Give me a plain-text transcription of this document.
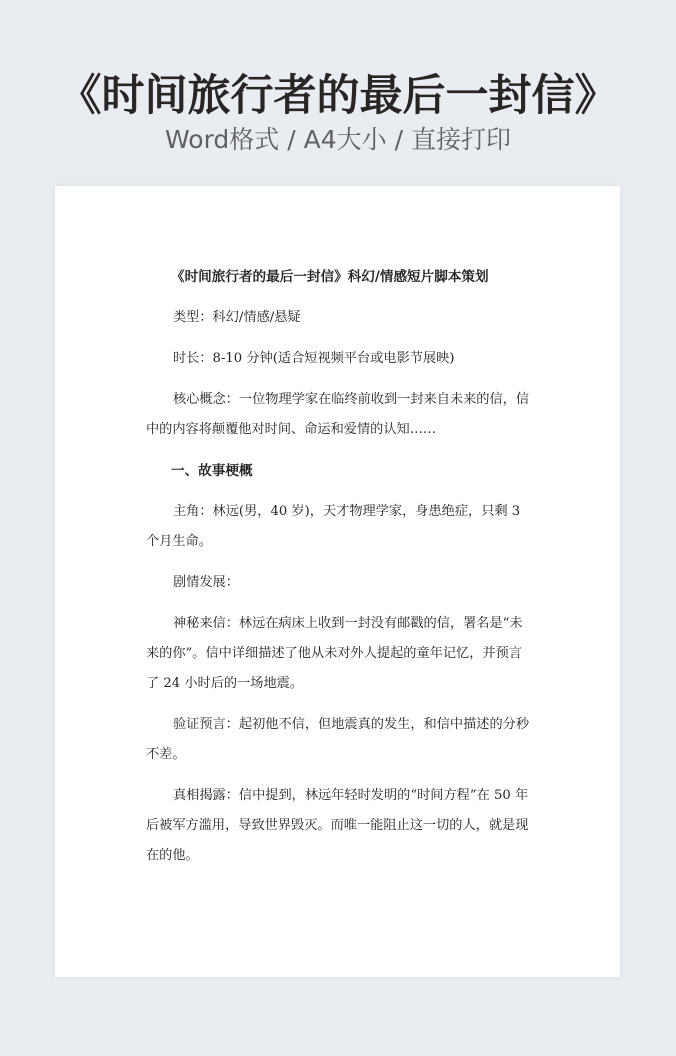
《时间旅行者的最后一封信》
Word格式 / A4大小 / 直接打印

《时间旅行者的最后一封信》科幻/情感短片脚本策划

类型：科幻/情感/悬疑

时长：8-10 分钟(适合短视频平台或电影节展映)

核心概念：一位物理学家在临终前收到一封来自未来的信，信中的内容将颠覆他对时间、命运和爱情的认知……

一、故事梗概

主角：林远(男，40 岁)，天才物理学家，身患绝症，只剩 3 个月生命。

剧情发展：

神秘来信：林远在病床上收到一封没有邮戳的信，署名是“未来的你”。信中详细描述了他从未对外人提起的童年记忆，并预言了 24 小时后的一场地震。

验证预言：起初他不信，但地震真的发生，和信中描述的分秒不差。

真相揭露：信中提到，林远年轻时发明的“时间方程”在 50 年后被军方滥用，导致世界毁灭。而唯一能阻止这一切的人，就是现在的他。
